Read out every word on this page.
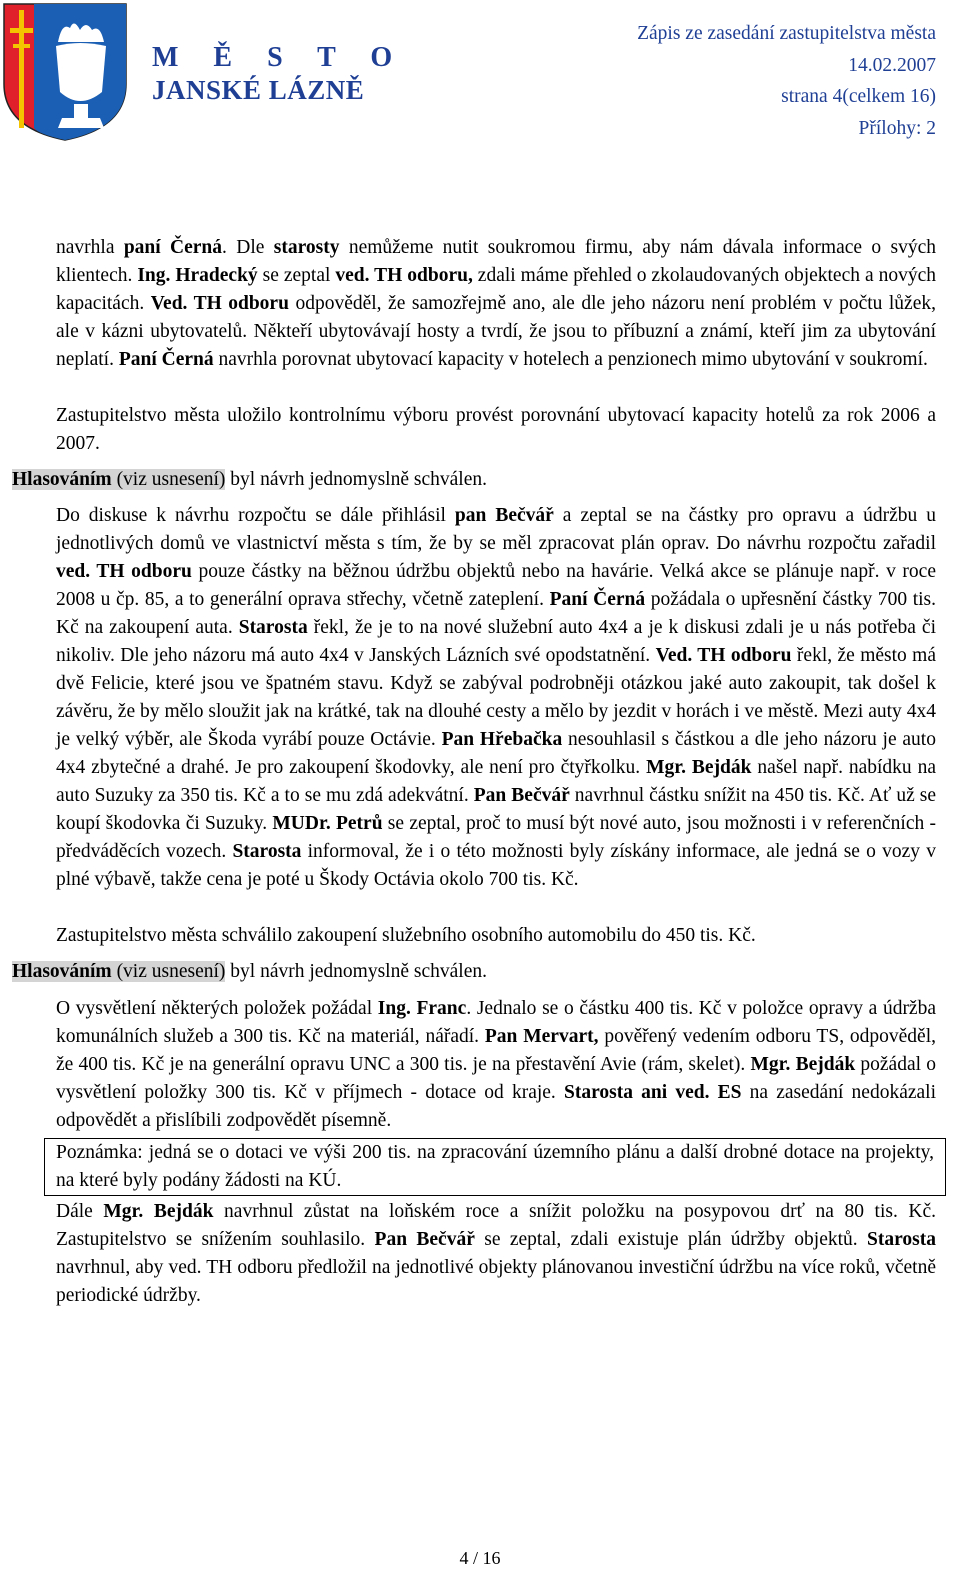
M Ě S T O
JANSKÉ LÁZNĚ
Zápis ze zasedání zastupitelstva města
14.02.2007
strana 4(celkem 16)
Přílohy: 2

navrhla paní Černá. Dle starosty nemůžeme nutit soukromou firmu, aby nám dávala informace o svých klientech. Ing. Hradecký se zeptal ved. TH odboru, zdali máme přehled o zkolaudovaných objektech a nových kapacitách. Ved. TH odboru odpověděl, že samozřejmě ano, ale dle jeho názoru není problém v počtu lůžek, ale v kázni ubytovatelů. Někteří ubytovávají hosty a tvrdí, že jsou to příbuzní a známí, kteří jim za ubytování neplatí. Paní Černá navrhla porovnat ubytovací kapacity v hotelech a penzionech mimo ubytování v soukromí.

Zastupitelstvo města uložilo kontrolnímu výboru provést porovnání ubytovací kapacity hotelů za rok 2006 a 2007.

Hlasováním (viz usnesení) byl návrh jednomyslně schválen.

Do diskuse k návrhu rozpočtu se dále přihlásil pan Bečvář a zeptal se na částky pro opravu a údržbu u jednotlivých domů ve vlastnictví města s tím, že by se měl zpracovat plán oprav. Do návrhu rozpočtu zařadil ved. TH odboru pouze částky na běžnou údržbu objektů nebo na havárie. Velká akce se plánuje např. v roce 2008 u čp. 85, a to generální oprava střechy, včetně zateplení. Paní Černá požádala o upřesnění částky 700 tis. Kč na zakoupení auta. Starosta řekl, že je to na nové služební auto 4x4 a je k diskusi zdali je u nás potřeba či nikoliv. Dle jeho názoru má auto 4x4 v Janských Lázních své opodstatnění. Ved. TH odboru řekl, že město má dvě Felicie, které jsou ve špatném stavu. Když se zabýval podrobněji otázkou jaké auto zakoupit, tak došel k závěru, že by mělo sloužit jak na krátké, tak na dlouhé cesty a mělo by jezdit v horách i ve městě. Mezi auty 4x4 je velký výběr, ale Škoda vyrábí pouze Octávie. Pan Hřebačka nesouhlasil s částkou a dle jeho názoru je auto 4x4 zbytečné a drahé. Je pro zakoupení škodovky, ale není pro čtyřkolku. Mgr. Bejdák našel např. nabídku na auto Suzuky za 350 tis. Kč a to se mu zdá adekvátní. Pan Bečvář navrhnul částku snížit na 450 tis. Kč. Ať už se koupí škodovka či Suzuky. MUDr. Petrů se zeptal, proč to musí být nové auto, jsou možnosti i v referenčních - předváděcích vozech. Starosta informoval, že i o této možnosti byly získány informace, ale jedná se o vozy v plné výbavě, takže cena je poté u Škody Octávia okolo 700 tis. Kč.

Zastupitelstvo města schválilo zakoupení služebního osobního automobilu do 450 tis. Kč.

Hlasováním (viz usnesení) byl návrh jednomyslně schválen.

O vysvětlení některých položek požádal Ing. Franc. Jednalo se o částku 400 tis. Kč v položce opravy a údržba komunálních služeb a 300 tis. Kč na materiál, nářadí. Pan Mervart, pověřený vedením odboru TS, odpověděl, že 400 tis. Kč je na generální opravu UNC a 300 tis. je na přestavění Avie (rám, skelet). Mgr. Bejdák požádal o vysvětlení položky 300 tis. Kč v příjmech - dotace od kraje. Starosta ani ved. ES na zasedání nedokázali odpovědět a přislíbili zodpovědět písemně.

Poznámka: jedná se o dotaci ve výši 200 tis. na zpracování územního plánu a další drobné dotace na projekty, na které byly podány žádosti na KÚ.

Dále Mgr. Bejdák navrhnul zůstat na loňském roce a snížit položku na posypovou drť na 80 tis. Kč. Zastupitelstvo se snížením souhlasilo. Pan Bečvář se zeptal, zdali existuje plán údržby objektů. Starosta navrhnul, aby ved. TH odboru předložil na jednotlivé objekty plánovanou investiční údržbu na více roků, včetně periodické údržby.

4 / 16
